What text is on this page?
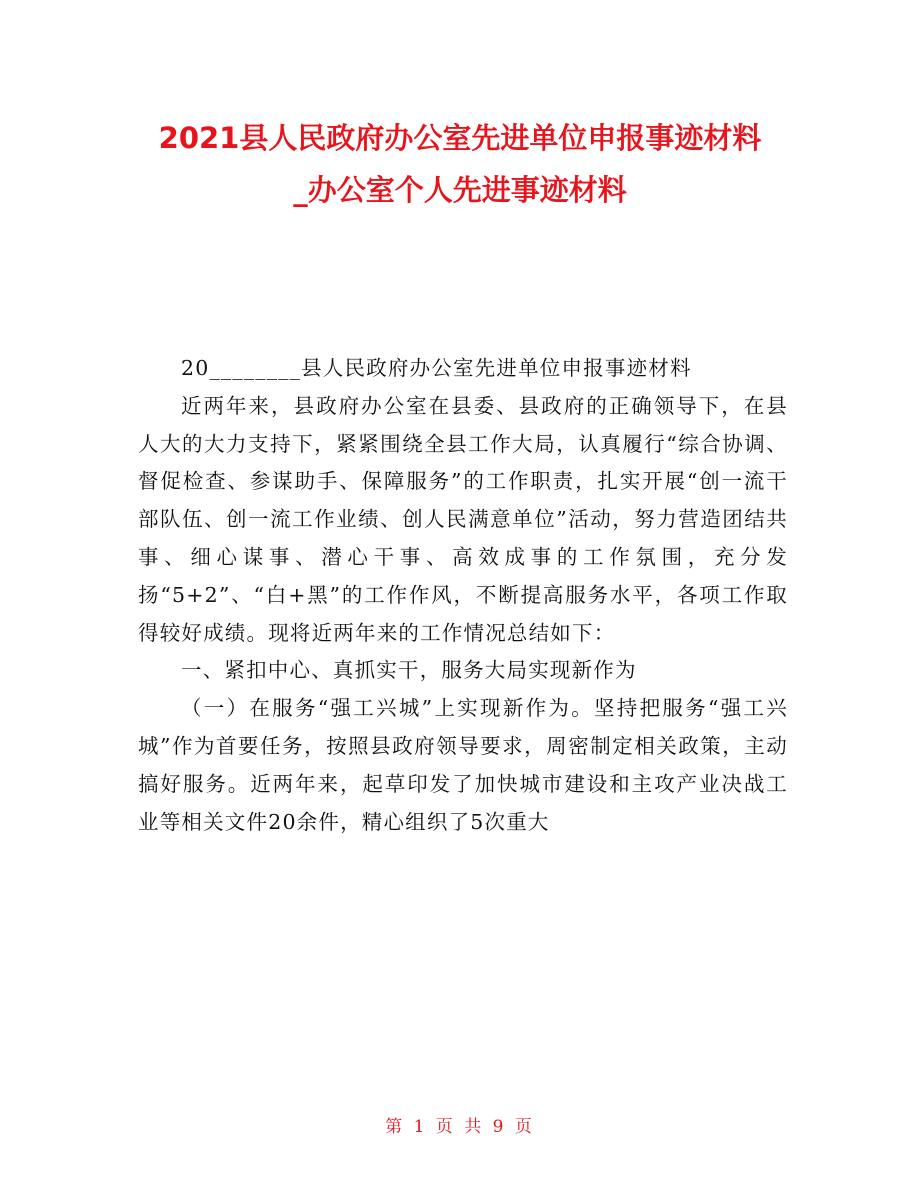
2021县人民政府办公室先进单位申报事迹材料
_办公室个人先进事迹材料

20________县人民政府办公室先进单位申报事迹材料

近两年来，县政府办公室在县委、县政府的正确领导下，在县人大的大力支持下，紧紧围绕全县工作大局，认真履行“综合协调、督促检查、参谋助手、保障服务”的工作职责，扎实开展“创一流干部队伍、创一流工作业绩、创人民满意单位”活动，努力营造团结共事、细心谋事、潜心干事、高效成事的工作氛围，充分发扬“5+2”、“白+黑”的工作作风，不断提高服务水平，各项工作取得较好成绩。现将近两年来的工作情况总结如下：

一、紧扣中心、真抓实干，服务大局实现新作为

（一）在服务“强工兴城”上实现新作为。坚持把服务“强工兴城”作为首要任务，按照县政府领导要求，周密制定相关政策，主动搞好服务。近两年来，起草印发了加快城市建设和主攻产业决战工业等相关文件20余件，精心组织了5次重大

第 1 页 共 9 页
